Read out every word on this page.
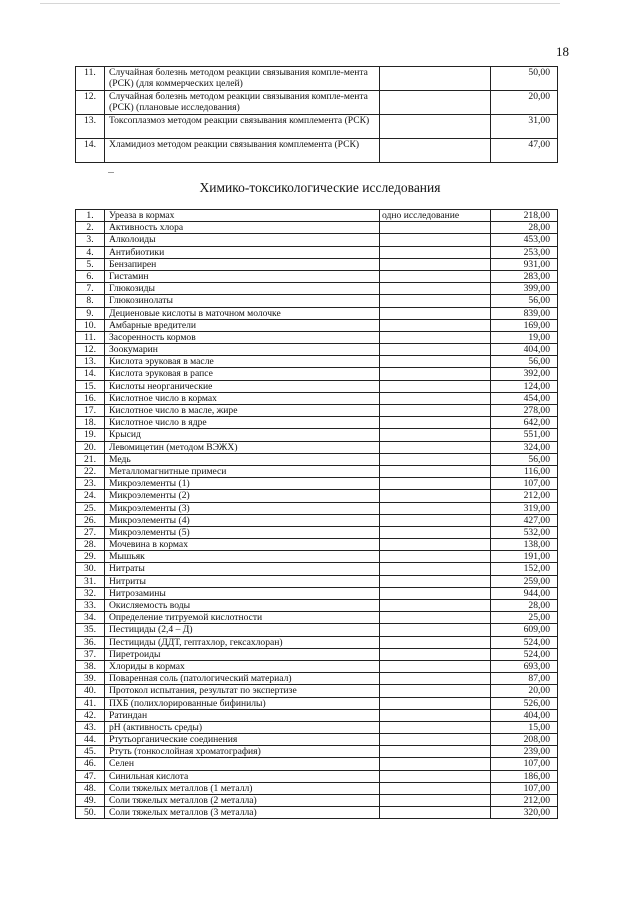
18
11.	Случайная болезнь методом реакции связывания компле-мента (РСК) (для коммерческих целей)		50,00
12.	Случайная болезнь методом реакции связывания компле-мента (РСК) (плановые исследования)		20,00
13.	Токсоплазмоз методом реакции связывания комплемента (РСК)		31,00
14.	Хламидиоз методом реакции связывания комплемента (РСК)		47,00
Химико-токсикологические исследования
1.	Уреаза в кормах	одно исследование	218,00
2.	Активность хлора		28,00
3.	Алколоиды		453,00
4.	Антибиотики		253,00
5.	Бензапирен		931,00
6.	Гистамин		283,00
7.	Глюкозиды		399,00
8.	Глюкозинолаты		56,00
9.	Дециеновые кислоты в маточном молочке		839,00
10.	Амбарные вредители		169,00
11.	Засоренность кормов		19,00
12.	Зоокумарин		404,00
13.	Кислота эруковая в масле		56,00
14.	Кислота эруковая в рапсе		392,00
15.	Кислоты неорганические		124,00
16.	Кислотное число в кормах		454,00
17.	Кислотное число в масле, жире		278,00
18.	Кислотное число в ядре		642,00
19.	Крысид		551,00
20.	Левомицетин (методом ВЭЖХ)		324,00
21.	Медь		56,00
22.	Металломагнитные примеси		116,00
23.	Микроэлементы (1)		107,00
24.	Микроэлементы (2)		212,00
25.	Микроэлементы (3)		319,00
26.	Микроэлементы (4)		427,00
27.	Микроэлементы (5)		532,00
28.	Мочевина в кормах		138,00
29.	Мышьяк		191,00
30.	Нитраты		152,00
31.	Нитриты		259,00
32.	Нитрозамины		944,00
33.	Окисляемость воды		28,00
34.	Определение титруемой кислотности		25,00
35.	Пестициды (2,4 – Д)		609,00
36.	Пестициды (ДДТ, гептахлор, гексахлоран)		524,00
37.	Пиретроиды		524,00
38.	Хлориды в кормах		693,00
39.	Поваренная соль (патологический материал)		87,00
40.	Протокол испытания, результат по экспертизе		20,00
41.	ПХБ (полихлорированные бифинилы)		526,00
42.	Ратиндан		404,00
43.	pH (активность среды)		15,00
44.	Ртутьорганические соединения		208,00
45.	Ртуть (тонкослойная хроматография)		239,00
46.	Селен		107,00
47.	Синильная кислота		186,00
48.	Соли тяжелых металлов (1 металл)		107,00
49.	Соли тяжелых металлов (2 металла)		212,00
50.	Соли тяжелых металлов (3 металла)		320,00
